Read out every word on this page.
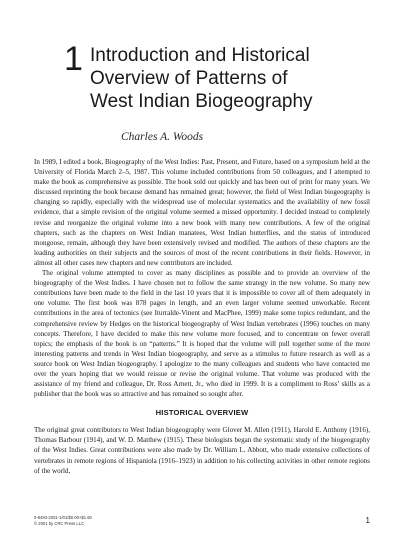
1 Introduction and Historical
Overview of Patterns of
West Indian Biogeography
Charles A. Woods

In 1989, I edited a book, Biogeography of the West Indies: Past, Present, and Future, based on a symposium held at the University of Florida March 2–5, 1987. This volume included contributions from 50 colleagues, and I attempted to make the book as comprehensive as possible. The book sold out quickly and has been out of print for many years. We discussed reprinting the book because demand has remained great; however, the field of West Indian biogeography is changing so rapidly, especially with the widespread use of molecular systematics and the availability of new fossil evidence, that a simple revision of the original volume seemed a missed opportunity. I decided instead to completely revise and reorganize the original volume into a new book with many new contributions. A few of the original chapters, such as the chapters on West Indian manatees, West Indian butterflies, and the status of introduced mongoose, remain, although they have been extensively revised and modified. The authors of these chapters are the leading authorities on their subjects and the sources of most of the recent contributions in their fields. However, in almost all other cases new chapters and new contributors are included.

The original volume attempted to cover as many disciplines as possible and to provide an overview of the biogeography of the West Indies. I have chosen not to follow the same strategy in the new volume. So many new contributions have been made to the field in the last 10 years that it is impossible to cover all of them adequately in one volume. The first book was 878 pages in length, and an even larger volume seemed unworkable. Recent contributions in the area of tectonics (see Iturralde-Vinent and MacPhee, 1999) make some topics redundant, and the comprehensive review by Hedges on the historical biogeography of West Indian vertebrates (1996) touches on many concepts. Therefore, I have decided to make this new volume more focused, and to concentrate on fewer overall topics; the emphasis of the book is on “patterns.” It is hoped that the volume will pull together some of the more interesting patterns and trends in West Indian biogeography, and serve as a stimulus to future research as well as a source book on West Indian biogeography. I apologize to the many colleagues and students who have contacted me over the years hoping that we would reissue or revise the original volume. That volume was produced with the assistance of my friend and colleague, Dr. Ross Arnett, Jr., who died in 1999. It is a compliment to Ross’ skills as a publisher that the book was so attractive and has remained so sought after.

HISTORICAL OVERVIEW

The original great contributors to West Indian biogeography were Glover M. Allen (1911), Harold E. Anthony (1916), Thomas Barbour (1914), and W. D. Matthew (1915). These biologists began the systematic study of the biogeography of the West Indies. Great contributions were also made by Dr. William L. Abbott, who made extensive collections of vertebrates in remote regions of Hispaniola (1916–1923) in addition to his collecting activities in other remote regions of the world,

0-8493-2001-1/01/$0.00+$1.50
© 2001 by CRC Press LLC	1
